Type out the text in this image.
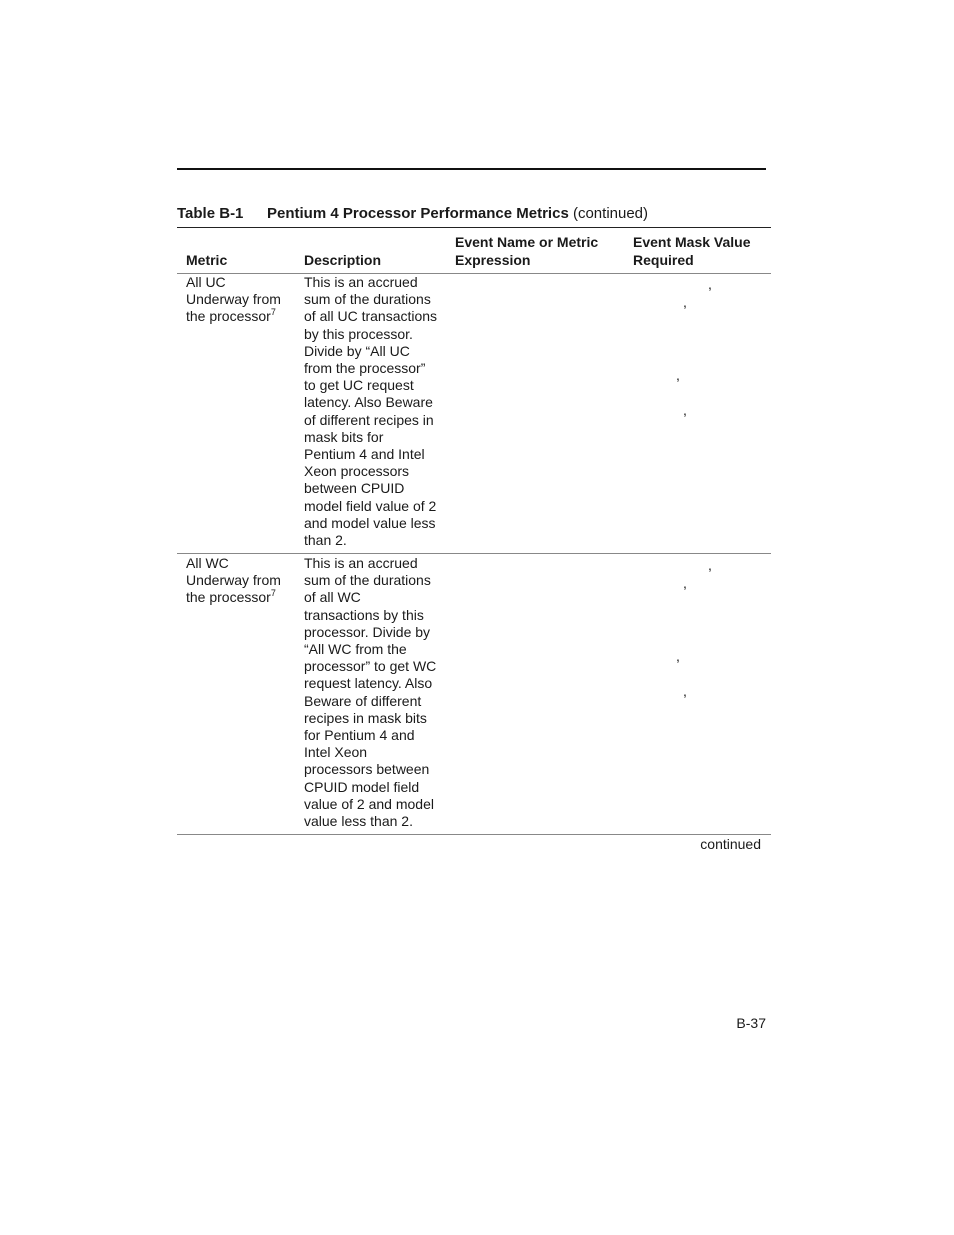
Table B-1 Pentium 4 Processor Performance Metrics (continued)
Metric	Description
Event Name or Metric
Expression
Event Mask Value
Required
All UC
Underway from
the processor$^7$
This is an accrued
sum of the durations
of all UC transactions
by this processor.
Divide by “All UC
from the processor”
to get UC request
latency. Also Beware
of different recipes in
mask bits for
Pentium 4 and Intel
Xeon processors
between CPUID
model field value of 2
and model value less
than 2.
,
,
,
,
All WC
Underway from
the processor$^7$
This is an accrued
sum of the durations
of all WC
transactions by this
processor. Divide by
“All WC from the
processor” to get WC
request latency. Also
Beware of different
recipes in mask bits
for Pentium 4 and
Intel Xeon
processors between
CPUID model field
value of 2 and model
value less than 2.
,
,
,
,
continued
B-37
